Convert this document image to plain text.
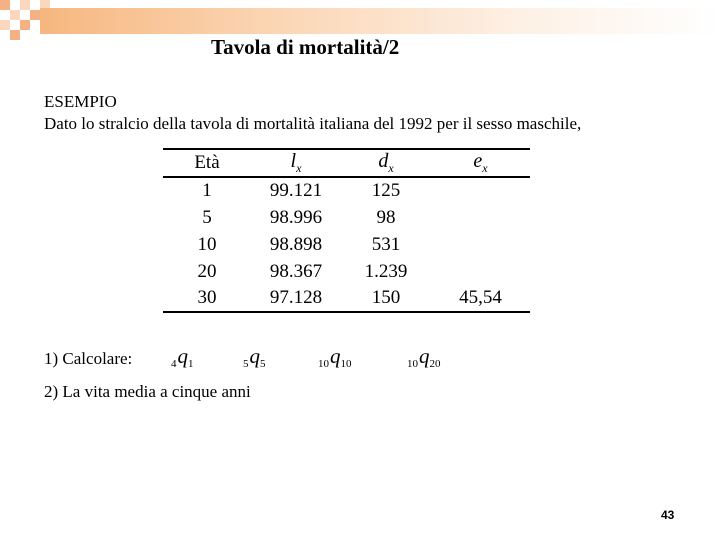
Tavola di mortalità/2
ESEMPIO
Dato lo stralcio della tavola di mortalità italiana del 1992 per il sesso maschile,
Età	$l_x$	$d_x$	$e_x$
1	99.121	125	
5	98.996	98	
10	98.898	531	
20	98.367	1.239	
30	97.128	150	45,54
1) Calcolare:	$_4q_1$	$_5q_5$	$_{10}q_{10}$	$_{10}q_{20}$
2) La vita media a cinque anni
43
